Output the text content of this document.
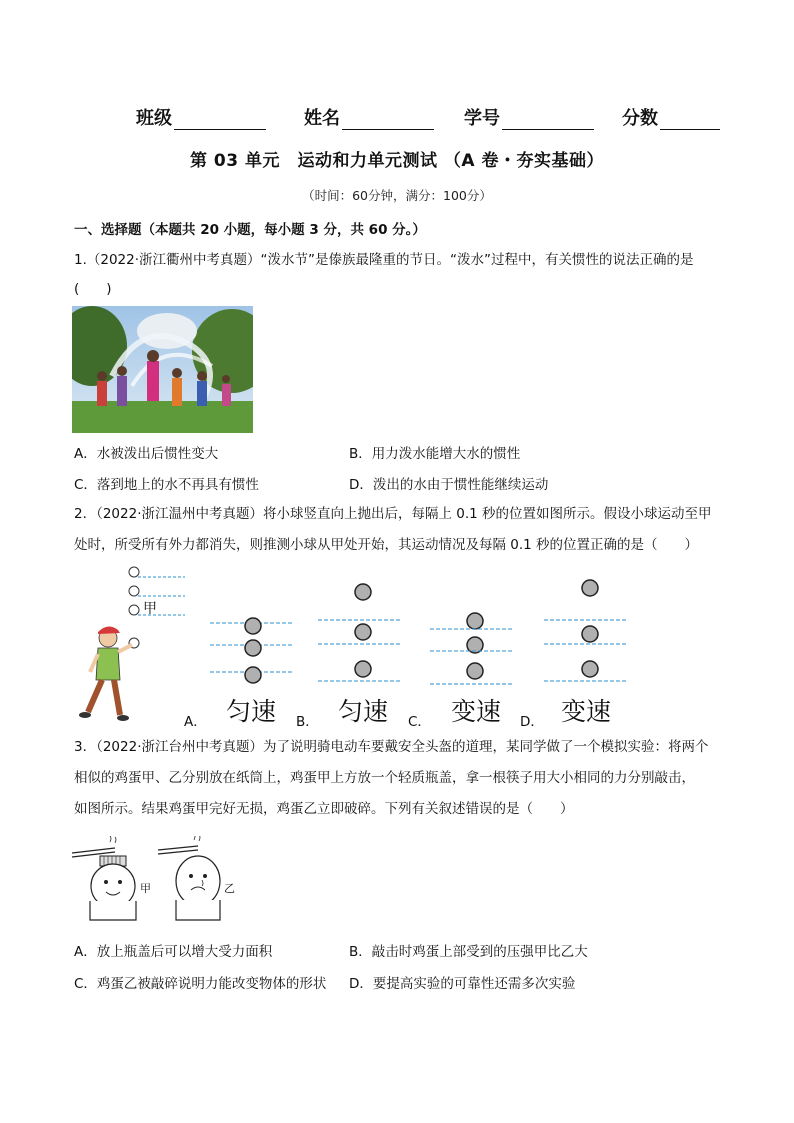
班级	姓名	学号	分数
第 03 单元　运动和力单元测试 （A 卷・夯实基础）
（时间：60分钟，满分：100分）
一、选择题（本题共 20 小题，每小题 3 分，共 60 分。）
1.（2022·浙江衢州中考真题）“泼水节”是傣族最隆重的节日。“泼水”过程中，有关惯性的说法正确的是(　　)
A．水被泼出后惯性变大	B．用力泼水能增大水的惯性
C．落到地上的水不再具有惯性	D．泼出的水由于惯性能继续运动
2．（2022·浙江温州中考真题）将小球竖直向上抛出后，每隔上 0.1 秒的位置如图所示。假设小球运动至甲
处时，所受所有外力都消失，则推测小球从甲处开始，其运动情况及每隔 0.1 秒的位置正确的是（　　）
甲
A． 匀速 B． 匀速 C． 变速 D． 变速
3．（2022·浙江台州中考真题）为了说明骑电动车要戴安全头盔的道理，某同学做了一个模拟实验：将两个
相似的鸡蛋甲、乙分别放在纸筒上，鸡蛋甲上方放一个轻质瓶盖，拿一根筷子用大小相同的力分别敲击，
如图所示。结果鸡蛋甲完好无损，鸡蛋乙立即破碎。下列有关叙述错误的是（　　）
甲	乙
A．放上瓶盖后可以增大受力面积	B．敲击时鸡蛋上部受到的压强甲比乙大
C．鸡蛋乙被敲碎说明力能改变物体的形状 D．要提高实验的可靠性还需多次实验
